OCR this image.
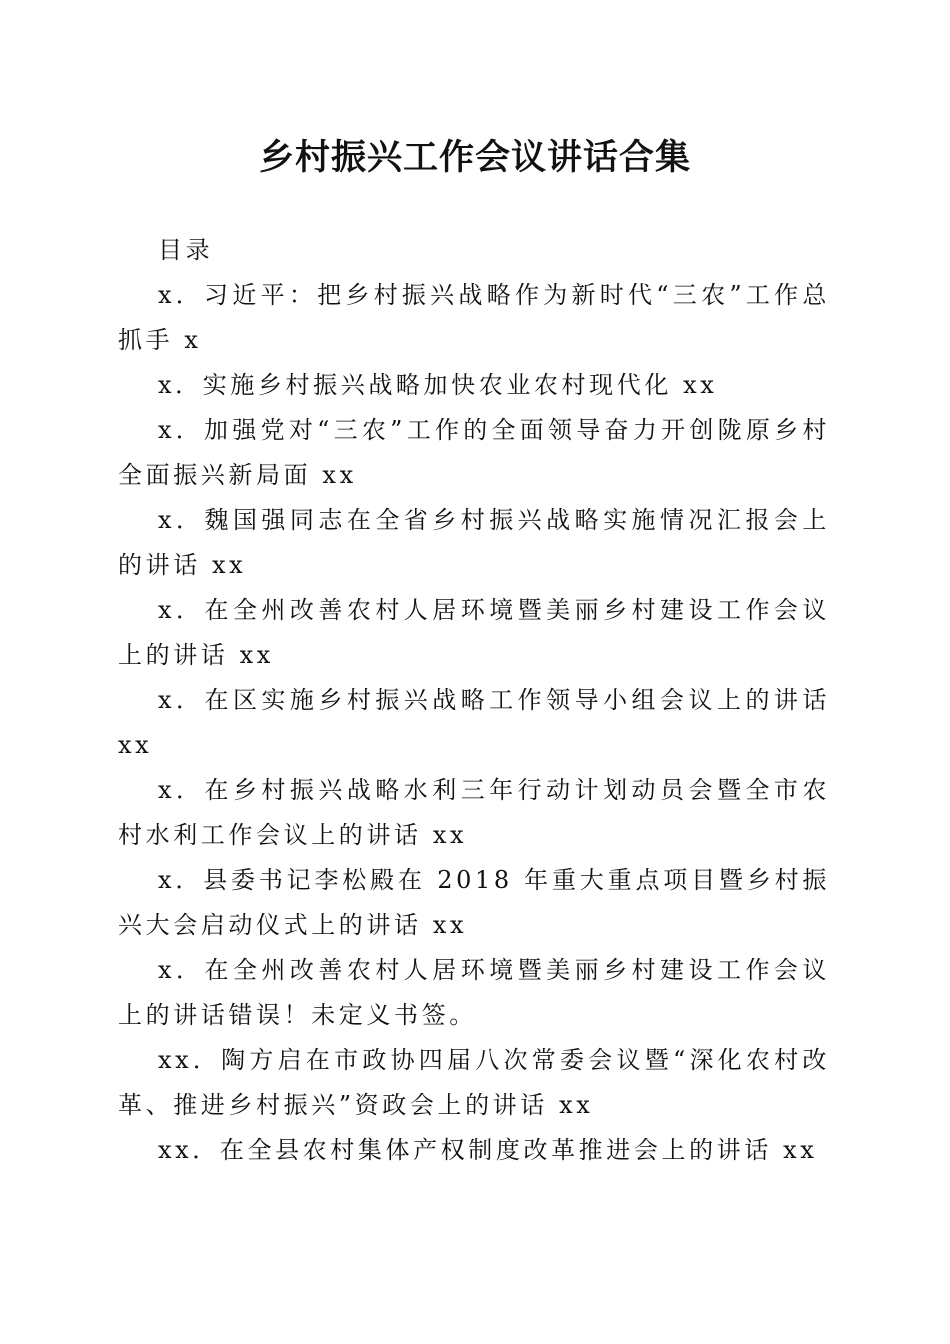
乡村振兴工作会议讲话合集
目录
x．习近平：把乡村振兴战略作为新时代“三农”工作总抓手 x
x．实施乡村振兴战略加快农业农村现代化 xx
x．加强党对“三农”工作的全面领导奋力开创陇原乡村全面振兴新局面 xx
x．魏国强同志在全省乡村振兴战略实施情况汇报会上的讲话 xx
x．在全州改善农村人居环境暨美丽乡村建设工作会议上的讲话 xx
x．在区实施乡村振兴战略工作领导小组会议上的讲话 xx
x．在乡村振兴战略水利三年行动计划动员会暨全市农村水利工作会议上的讲话 xx
x．县委书记李松殿在 2018 年重大重点项目暨乡村振兴大会启动仪式上的讲话 xx
x．在全州改善农村人居环境暨美丽乡村建设工作会议上的讲话错误！未定义书签。
xx．陶方启在市政协四届八次常委会议暨“深化农村改革、推进乡村振兴”资政会上的讲话 xx
xx．在全县农村集体产权制度改革推进会上的讲话 xx
